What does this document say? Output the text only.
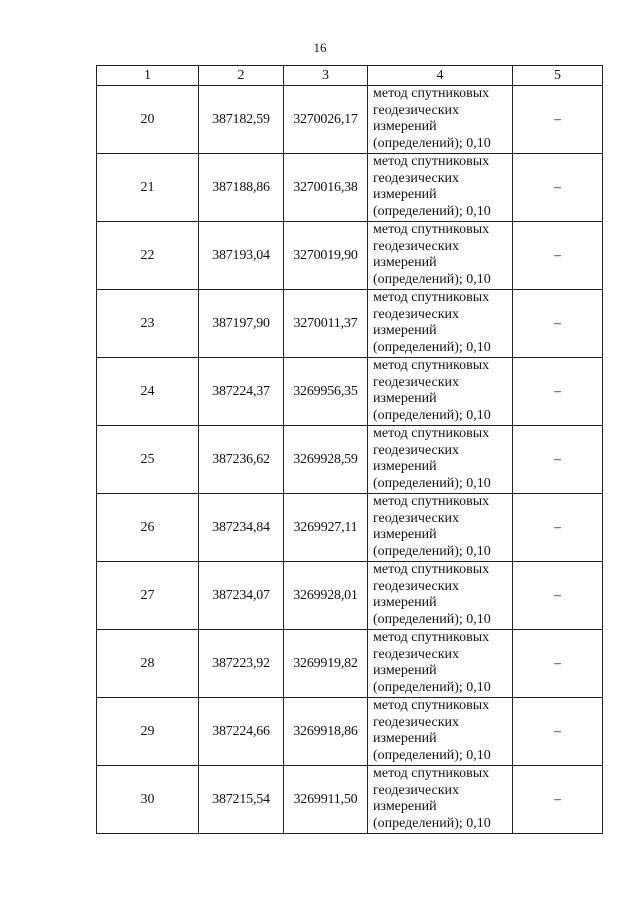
16
1	2	3	4	5
20	387182,59	3270026,17	метод спутниковых
геодезических
измерений
(определений); 0,10	–
21	387188,86	3270016,38	метод спутниковых
геодезических
измерений
(определений); 0,10	–
22	387193,04	3270019,90	метод спутниковых
геодезических
измерений
(определений); 0,10	–
23	387197,90	3270011,37	метод спутниковых
геодезических
измерений
(определений); 0,10	–
24	387224,37	3269956,35	метод спутниковых
геодезических
измерений
(определений); 0,10	–
25	387236,62	3269928,59	метод спутниковых
геодезических
измерений
(определений); 0,10	–
26	387234,84	3269927,11	метод спутниковых
геодезических
измерений
(определений); 0,10	–
27	387234,07	3269928,01	метод спутниковых
геодезических
измерений
(определений); 0,10	–
28	387223,92	3269919,82	метод спутниковых
геодезических
измерений
(определений); 0,10	–
29	387224,66	3269918,86	метод спутниковых
геодезических
измерений
(определений); 0,10	–
30	387215,54	3269911,50	метод спутниковых
геодезических
измерений
(определений); 0,10	–
